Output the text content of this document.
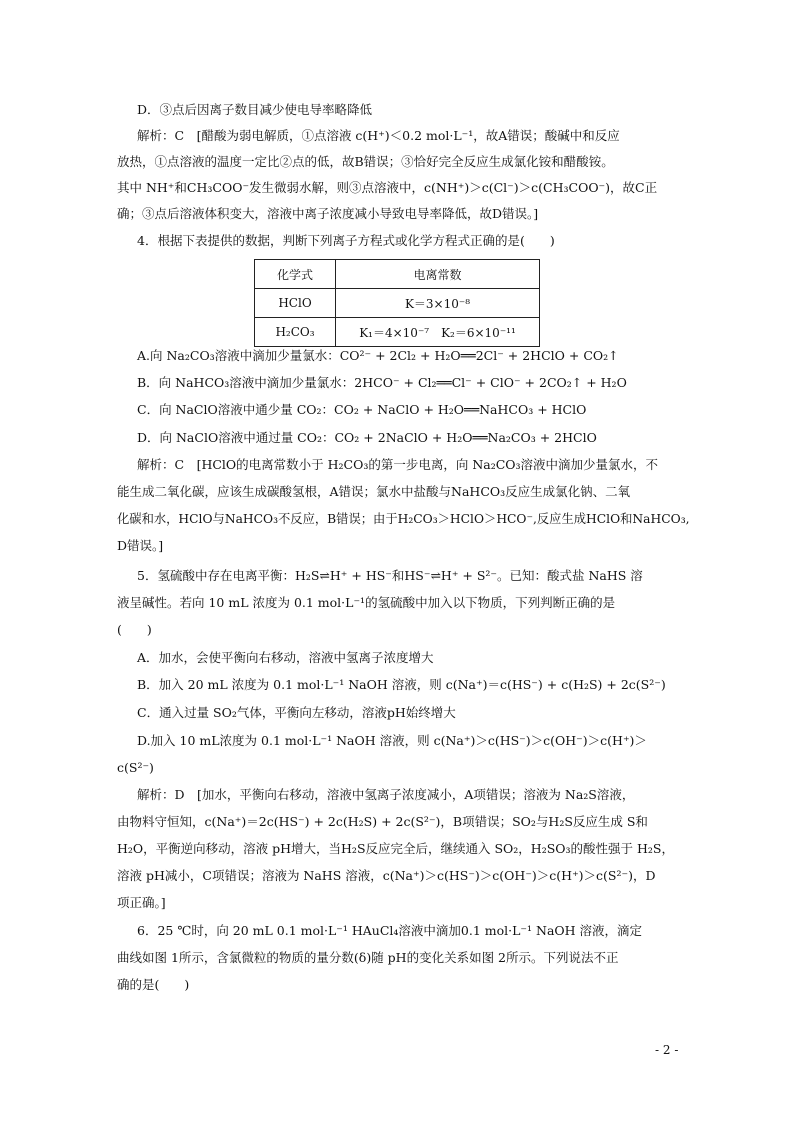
D．③点后因离子数目减少使电导率略降低
解析：C　[醋酸为弱电解质，①点溶液 c(H⁺)＜0.2 mol·L⁻¹，故A错误；酸碱中和反应
放热，①点溶液的温度一定比②点的低，故B错误；③恰好完全反应生成氯化铵和醋酸铵。
其中 NH⁺和CH₃COO⁻发生微弱水解，则③点溶液中，c(NH⁺)＞c(Cl⁻)＞c(CH₃COO⁻)，故C正
确；③点后溶液体积变大，溶液中离子浓度减小导致电导率降低，故D错误。]
4．根据下表提供的数据，判断下列离子方程式或化学方程式正确的是(　　)
化学式	电离常数
HClO	K＝3×10⁻⁸
H₂CO₃	K₁＝4×10⁻⁷　K₂＝6×10⁻¹¹
A.向 Na₂CO₃溶液中滴加少量氯水：CO²⁻ + 2Cl₂ + H₂O══2Cl⁻ + 2HClO + CO₂↑
B．向 NaHCO₃溶液中滴加少量氯水：2HCO⁻ + Cl₂══Cl⁻ + ClO⁻ + 2CO₂↑ + H₂O
C．向 NaClO溶液中通少量 CO₂：CO₂ + NaClO + H₂O══NaHCO₃ + HClO
D．向 NaClO溶液中通过量 CO₂：CO₂ + 2NaClO + H₂O══Na₂CO₃ + 2HClO
解析：C　[HClO的电离常数小于 H₂CO₃的第一步电离，向 Na₂CO₃溶液中滴加少量氯水，不
能生成二氧化碳，应该生成碳酸氢根，A错误；氯水中盐酸与NaHCO₃反应生成氯化钠、二氧
化碳和水，HClO与NaHCO₃不反应，B错误；由于H₂CO₃＞HClO＞HCO⁻,反应生成HClO和NaHCO₃,
D错误。]
5．氢硫酸中存在电离平衡：H₂S⇌H⁺ + HS⁻和HS⁻⇌H⁺ + S²⁻。已知：酸式盐 NaHS 溶
液呈碱性。若向 10 mL 浓度为 0.1 mol·L⁻¹的氢硫酸中加入以下物质，下列判断正确的是
(　　)
A．加水，会使平衡向右移动，溶液中氢离子浓度增大
B．加入 20 mL 浓度为 0.1 mol·L⁻¹ NaOH 溶液，则 c(Na⁺)＝c(HS⁻) + c(H₂S) + 2c(S²⁻)
C．通入过量 SO₂气体，平衡向左移动，溶液pH始终增大
D.加入 10 mL浓度为 0.1 mol·L⁻¹ NaOH 溶液，则 c(Na⁺)＞c(HS⁻)＞c(OH⁻)＞c(H⁺)＞
c(S²⁻)
解析：D　[加水，平衡向右移动，溶液中氢离子浓度减小，A项错误；溶液为 Na₂S溶液，
由物料守恒知，c(Na⁺)＝2c(HS⁻) + 2c(H₂S) + 2c(S²⁻)，B项错误；SO₂与H₂S反应生成 S和
H₂O，平衡逆向移动，溶液 pH增大，当H₂S反应完全后，继续通入 SO₂，H₂SO₃的酸性强于 H₂S，
溶液 pH减小，C项错误；溶液为 NaHS 溶液，c(Na⁺)＞c(HS⁻)＞c(OH⁻)＞c(H⁺)＞c(S²⁻)，D
项正确。]
6．25 ℃时，向 20 mL 0.1 mol·L⁻¹ HAuCl₄溶液中滴加0.1 mol·L⁻¹ NaOH 溶液，滴定
曲线如图 1所示，含氯微粒的物质的量分数(δ)随 pH的变化关系如图 2所示。下列说法不正
确的是(　　)
- 2 -
